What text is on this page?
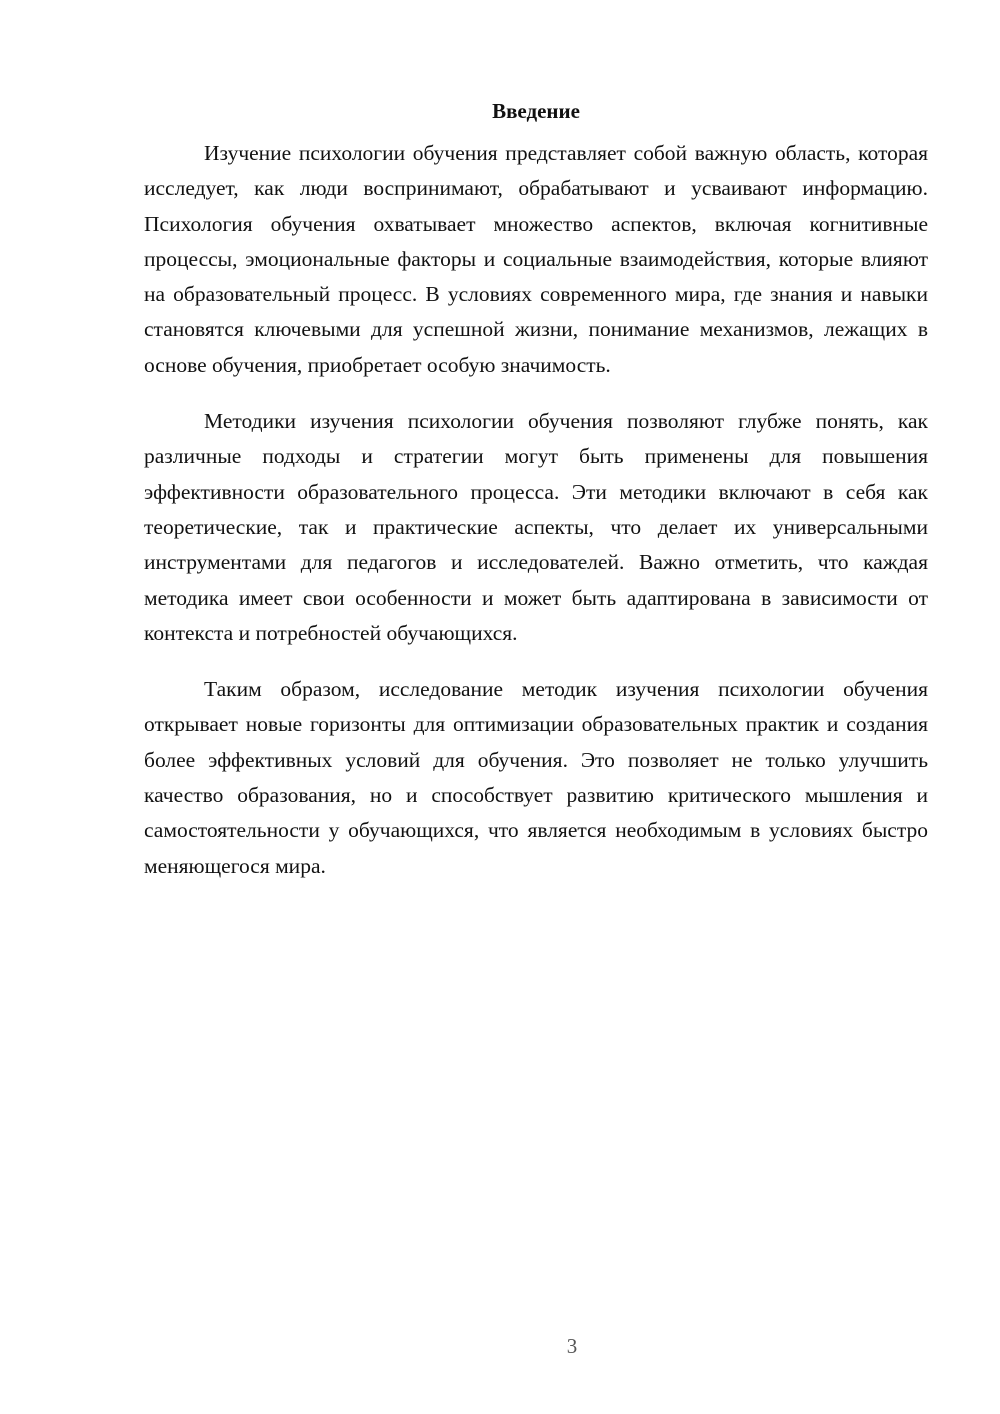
Введение

Изучение психологии обучения представляет собой важную область, которая исследует, как люди воспринимают, обрабатывают и усваивают информацию. Психология обучения охватывает множество аспектов, включая когнитивные процессы, эмоциональные факторы и социальные взаимодействия, которые влияют на образовательный процесс. В условиях современного мира, где знания и навыки становятся ключевыми для успешной жизни, понимание механизмов, лежащих в основе обучения, приобретает особую значимость.

Методики изучения психологии обучения позволяют глубже понять, как различные подходы и стратегии могут быть применены для повышения эффективности образовательного процесса. Эти методики включают в себя как теоретические, так и практические аспекты, что делает их универсальными инструментами для педагогов и исследователей. Важно отметить, что каждая методика имеет свои особенности и может быть адаптирована в зависимости от контекста и потребностей обучающихся.

Таким образом, исследование методик изучения психологии обучения открывает новые горизонты для оптимизации образовательных практик и создания более эффективных условий для обучения. Это позволяет не только улучшить качество образования, но и способствует развитию критического мышления и самостоятельности у обучающихся, что является необходимым в условиях быстро меняющегося мира.

3
